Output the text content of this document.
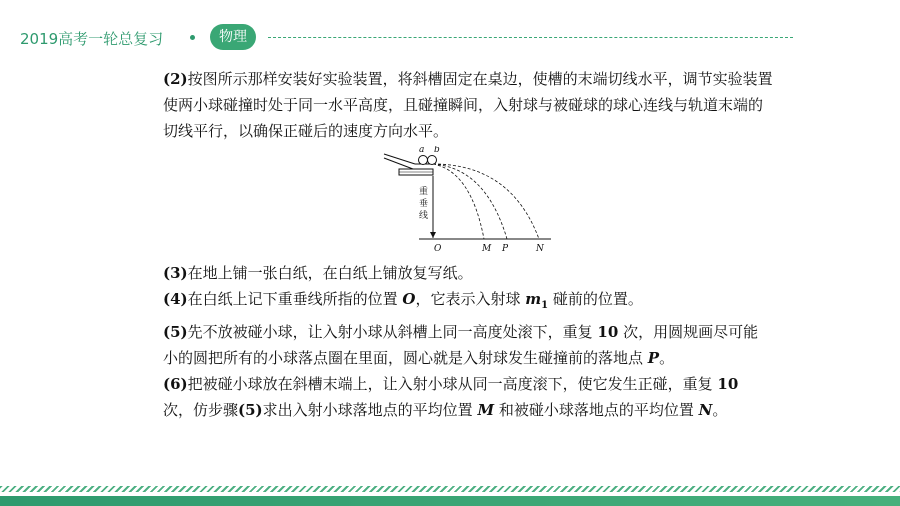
2019高考一轮总复习	物理

(2)按图所示那样安装好实验装置，将斜槽固定在桌边，使槽的末端切线水平，调节实验装置使两小球碰撞时处于同一水平高度，且碰撞瞬间，入射球与被碰球的球心连线与轨道末端的切线平行，以确保正碰后的速度方向水平。

a b
重
垂
线
O	M P	N

(3)在地上铺一张白纸，在白纸上铺放复写纸。

(4)在白纸上记下重垂线所指的位置 O，它表示入射球 $m_1$ 碰前的位置。

(5)先不放被碰小球，让入射小球从斜槽上同一高度处滚下，重复 10 次，用圆规画尽可能小的圆把所有的小球落点圈在里面，圆心就是入射球发生碰撞前的落地点 P。

(6)把被碰小球放在斜槽末端上，让入射小球从同一高度滚下，使它发生正碰，重复 10 次，仿步骤(5)求出入射小球落地点的平均位置 M 和被碰小球落地点的平均位置 N。
